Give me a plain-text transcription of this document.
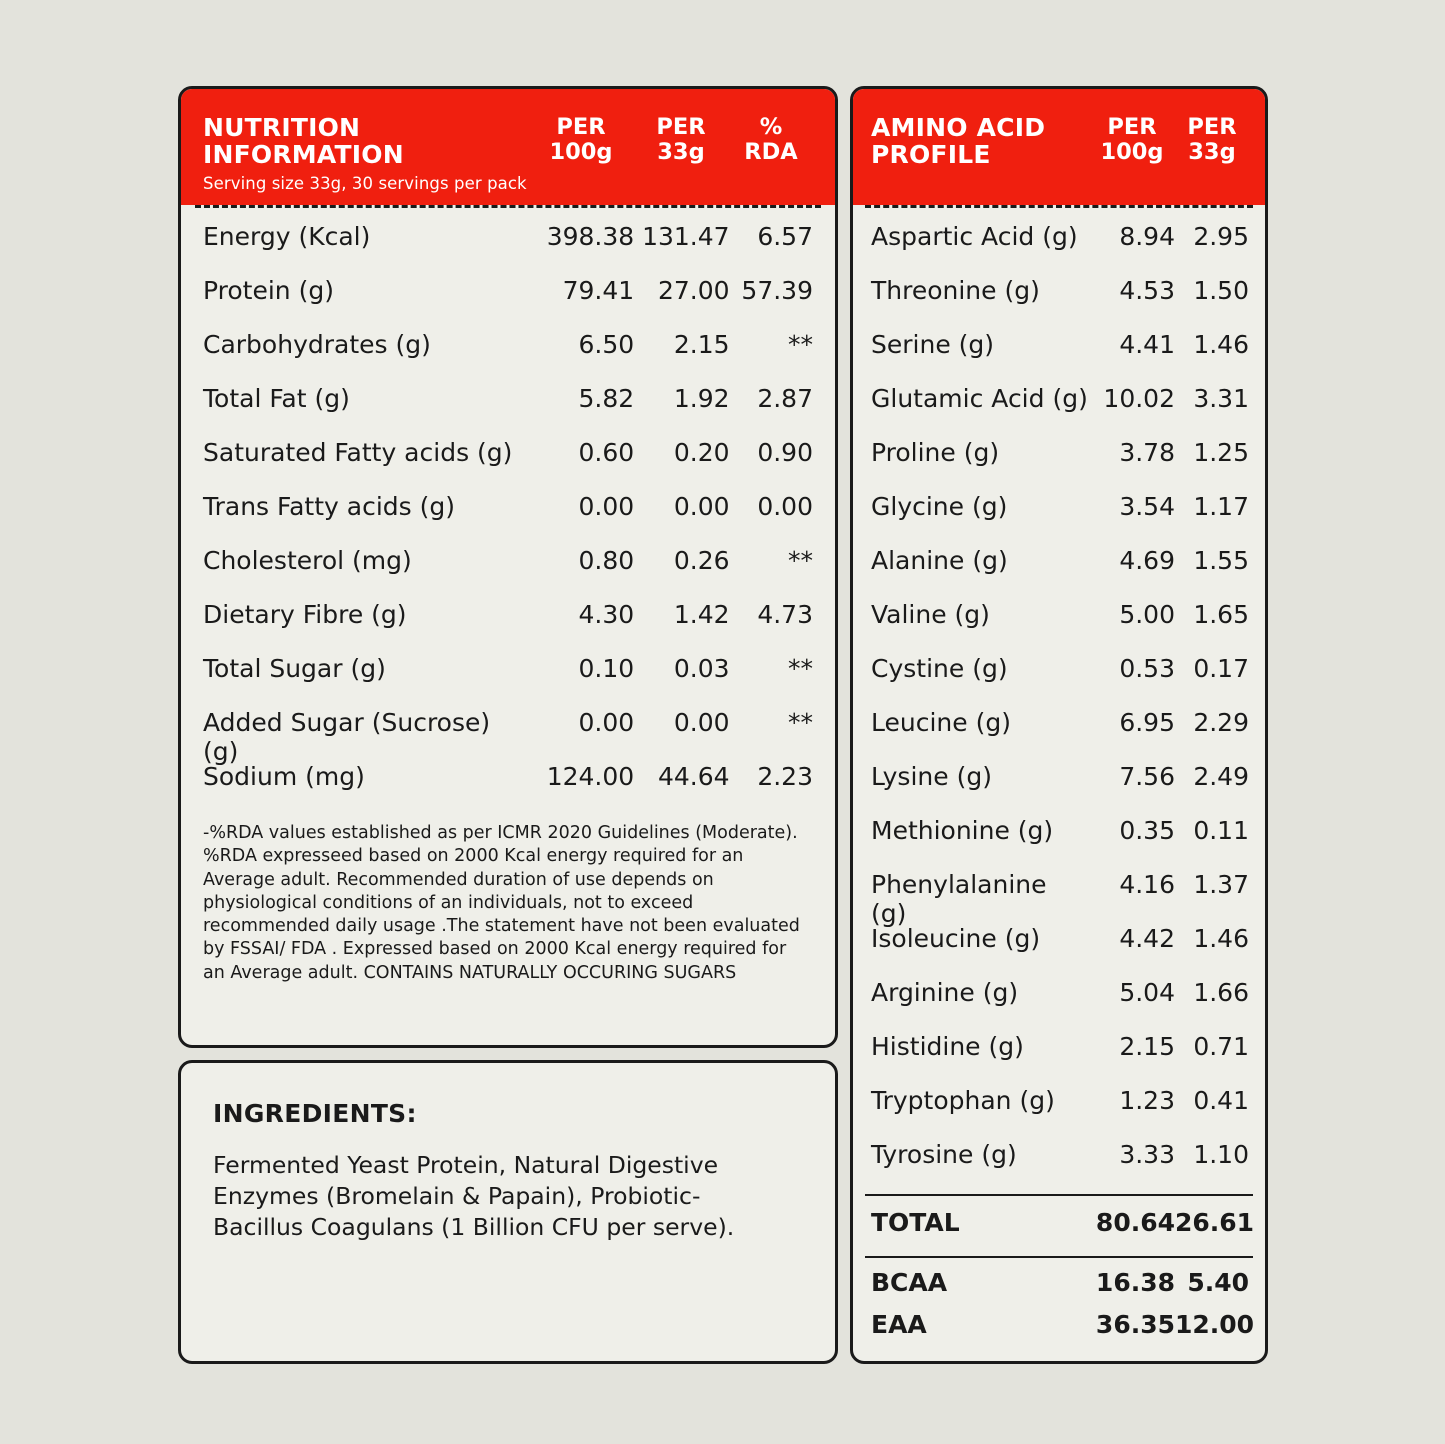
NUTRITION INFORMATION
Serving size 33g, 30 servings per pack
PER
100g
PER
33g
%
RDA
Energy (Kcal)	398.38 131.47	6.57
Protein (g)	79.41 27.00 57.39
Carbohydrates (g)	6.50	2.15	**
Total Fat (g)	5.82	1.92	2.87
Saturated Fatty acids (g)	0.60	0.20	0.90
Trans Fatty acids (g)	0.00	0.00	0.00
Cholesterol (mg)	0.80	0.26	**
Dietary Fibre (g)	4.30	1.42	4.73
Total Sugar (g)	0.10	0.03	**
Added Sugar (Sucrose) (g)
0.00	0.00	**
Sodium (mg)	124.00 44.64	2.23
-%RDA values established as per ICMR 2020 Guidelines (Moderate). %RDA expresseed based on 2000 Kcal energy required for an Average adult. Recommended duration of use depends on physiological conditions of an individuals, not to exceed recommended daily usage .The statement have not been evaluated by FSSAI/ FDA . Expressed based on 2000 Kcal energy required for an Average adult. CONTAINS NATURALLY OCCURING SUGARS
INGREDIENTS:
Fermented Yeast Protein, Natural Digestive Enzymes (Bromelain & Papain), Probiotic- Bacillus Coagulans (1 Billion CFU per serve).
AMINO ACID
PROFILE
PER
100g
PER
33g
Aspartic Acid (g)	8.94 2.95
Threonine (g)	4.53 1.50
Serine (g)	4.41 1.46
Glutamic Acid (g) 10.02 3.31
Proline (g)	3.78 1.25
Glycine (g)	3.54 1.17
Alanine (g)	4.69 1.55
Valine (g)	5.00 1.65
Cystine (g)	0.53 0.17
Leucine (g)	6.95 2.29
Lysine (g)	7.56 2.49
Methionine (g)	0.35 0.11
Phenylalanine (g)
4.16 1.37
Isoleucine (g)	4.42 1.46
Arginine (g)	5.04 1.66
Histidine (g)	2.15 0.71
Tryptophan (g)	1.23 0.41
Tyrosine (g)	3.33 1.10
TOTAL	80.64 26.61
BCAA	16.38 5.40
EAA	36.35 12.00
